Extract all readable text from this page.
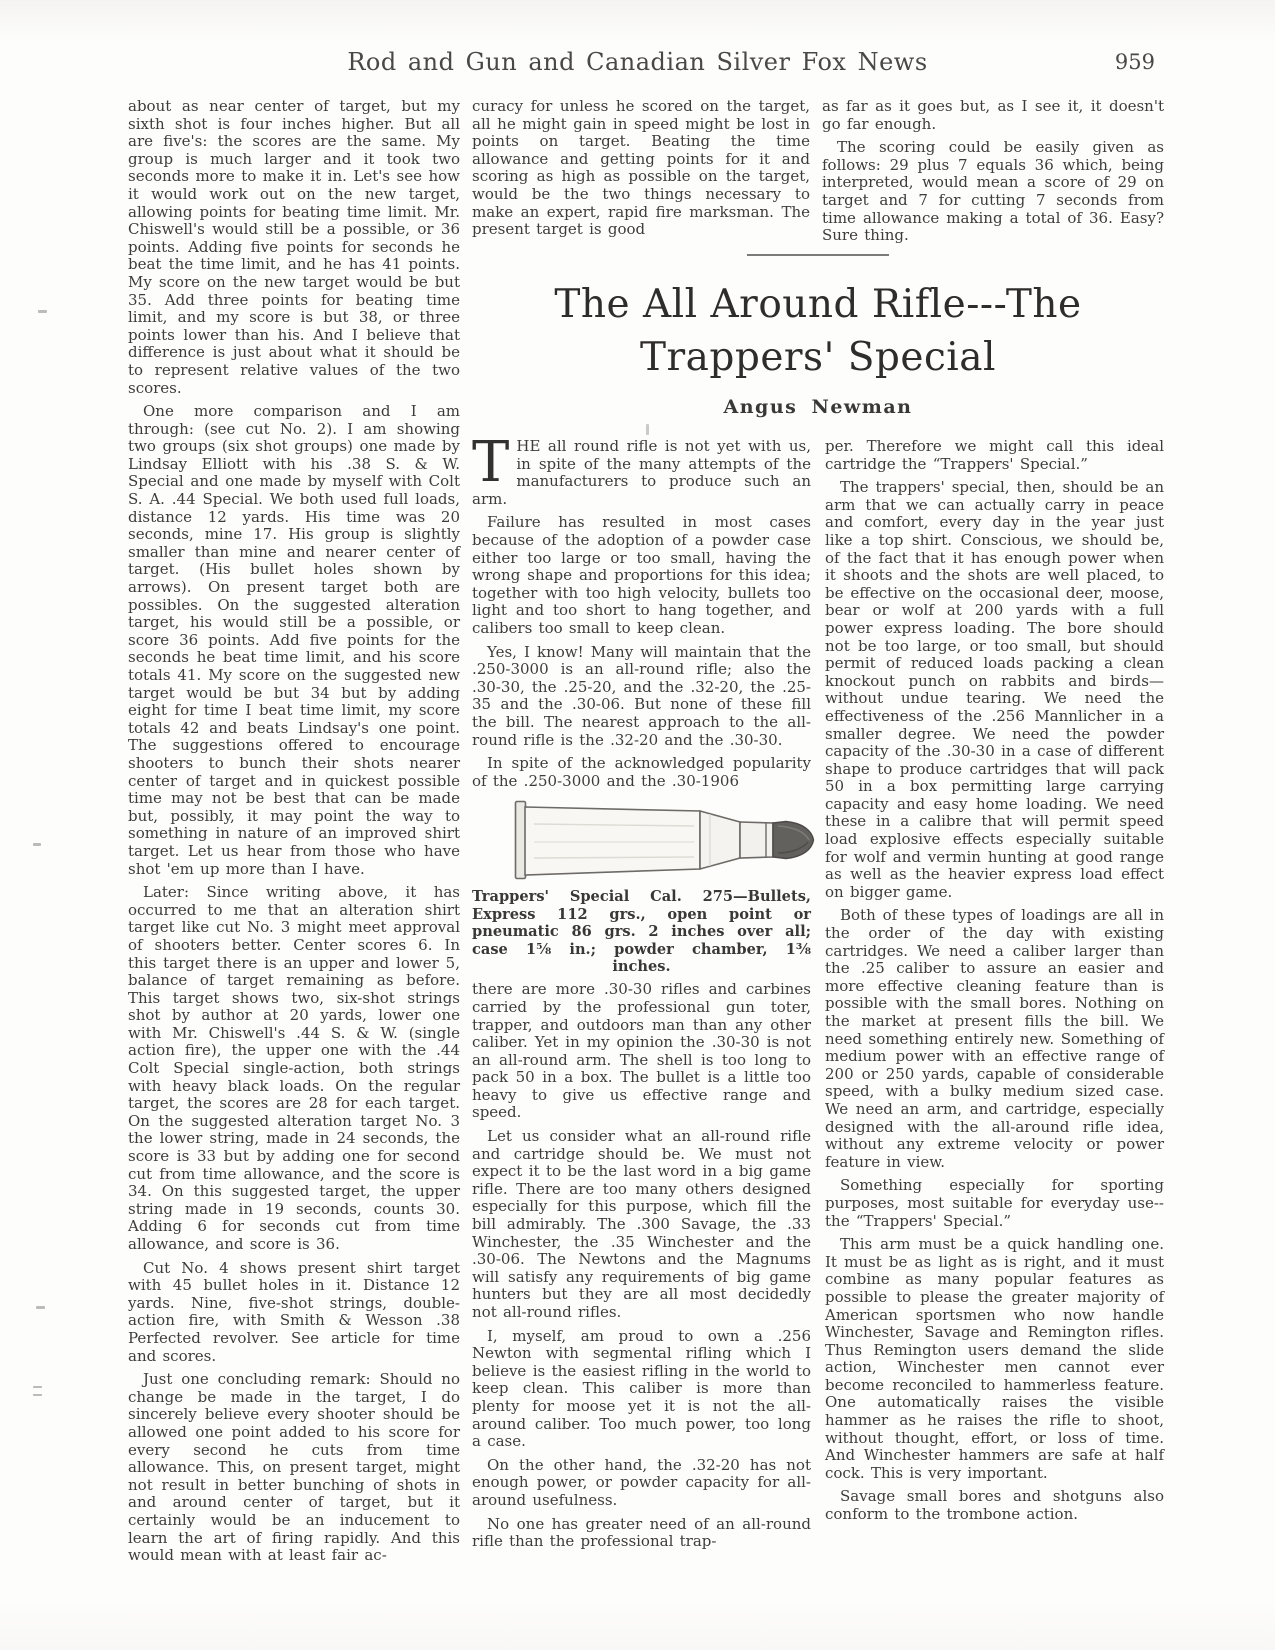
Rod and Gun and Canadian Silver Fox News	959

about as near center of target, but my sixth shot is four inches higher. But all are five's: the scores are the same. My group is much larger and it took two seconds more to make it in. Let's see how it would work out on the new target, allowing points for beating time limit. Mr. Chiswell's would still be a possible, or 36 points. Adding five points for seconds he beat the time limit, and he has 41 points. My score on the new target would be but 35. Add three points for beating time limit, and my score is but 38, or three points lower than his. And I believe that difference is just about what it should be to represent relative values of the two scores.

One more comparison and I am through: (see cut No. 2). I am showing two groups (six shot groups) one made by Lindsay Elliott with his .38 S. & W. Special and one made by myself with Colt S. A. .44 Special. We both used full loads, distance 12 yards. His time was 20 seconds, mine 17. His group is slightly smaller than mine and nearer center of target. (His bullet holes shown by arrows). On present target both are possibles. On the suggested alteration target, his would still be a possible, or score 36 points. Add five points for the seconds he beat time limit, and his score totals 41. My score on the suggested new target would be but 34 but by adding eight for time I beat time limit, my score totals 42 and beats Lindsay's one point. The suggestions offered to encourage shooters to bunch their shots nearer center of target and in quickest possible time may not be best that can be made but, possibly, it may point the way to something in nature of an improved shirt target. Let us hear from those who have shot 'em up more than I have.

Later: Since writing above, it has occurred to me that an alteration shirt target like cut No. 3 might meet approval of shooters better. Center scores 6. In this target there is an upper and lower 5, balance of target remaining as before. This target shows two, six-shot strings shot by author at 20 yards, lower one with Mr. Chiswell's .44 S. & W. (single action fire), the upper one with the .44 Colt Special single-action, both strings with heavy black loads. On the regular target, the scores are 28 for each target. On the suggested alteration target No. 3 the lower string, made in 24 seconds, the score is 33 but by adding one for second cut from time allowance, and the score is 34. On this suggested target, the upper string made in 19 seconds, counts 30. Adding 6 for seconds cut from time allowance, and score is 36.

Cut No. 4 shows present shirt target with 45 bullet holes in it. Distance 12 yards. Nine, five-shot strings, double-action fire, with Smith & Wesson .38 Perfected revolver. See article for time and scores.

Just one concluding remark: Should no change be made in the target, I do sincerely believe every shooter should be allowed one point added to his score for every second he cuts from time allowance. This, on present target, might not result in better bunching of shots in and around center of target, but it certainly would be an inducement to learn the art of firing rapidly. And this would mean with at least fair ac-

curacy for unless he scored on the target, all he might gain in speed might be lost in points on target. Beating the time allowance and getting points for it and scoring as high as possible on the target, would be the two things necessary to make an expert, rapid fire marksman. The present target is good

as far as it goes but, as I see it, it doesn't go far enough.

The scoring could be easily given as follows: 29 plus 7 equals 36 which, being interpreted, would mean a score of 29 on target and 7 for cutting 7 seconds from time allowance making a total of 36. Easy? Sure thing.

The All Around Rifle---The
Trappers' Special
Angus Newman

T HE all round rifle is not yet with us, in spite of the many attempts of the manufacturers to produce such an arm.

Failure has resulted in most cases because of the adoption of a powder case either too large or too small, having the wrong shape and proportions for this idea; together with too high velocity, bullets too light and too short to hang together, and calibers too small to keep clean.

Yes, I know! Many will maintain that the .250-3000 is an all-round rifle; also the .30-30, the .25-20, and the .32-20, the .25-35 and the .30-06. But none of these fill the bill. The nearest approach to the all-round rifle is the .32-20 and the .30-30.

In spite of the acknowledged popularity of the .250-3000 and the .30-1906

Trappers' Special Cal. 275—Bullets, Express 112 grs., open point or pneumatic 86 grs. 2 inches over all; case 1⅝ in.; powder chamber, 1⅜ inches.

there are more .30-30 rifles and carbines carried by the professional gun toter, trapper, and outdoors man than any other caliber. Yet in my opinion the .30-30 is not an all-round arm. The shell is too long to pack 50 in a box. The bullet is a little too heavy to give us effective range and speed.

Let us consider what an all-round rifle and cartridge should be. We must not expect it to be the last word in a big game rifle. There are too many others designed especially for this purpose, which fill the bill admirably. The .300 Savage, the .33 Winchester, the .35 Winchester and the .30-06. The Newtons and the Magnums will satisfy any requirements of big game hunters but they are all most decidedly not all-round rifles.

I, myself, am proud to own a .256 Newton with segmental rifling which I believe is the easiest rifling in the world to keep clean. This caliber is more than plenty for moose yet it is not the all-around caliber. Too much power, too long a case.

On the other hand, the .32-20 has not enough power, or powder capacity for all-around usefulness.

No one has greater need of an all-round rifle than the professional trap-

per. Therefore we might call this ideal cartridge the “Trappers' Special.”

The trappers' special, then, should be an arm that we can actually carry in peace and comfort, every day in the year just like a top shirt. Conscious, we should be, of the fact that it has enough power when it shoots and the shots are well placed, to be effective on the occasional deer, moose, bear or wolf at 200 yards with a full power express loading. The bore should not be too large, or too small, but should permit of reduced loads packing a clean knockout punch on rabbits and birds—without undue tearing. We need the effectiveness of the .256 Mannlicher in a smaller degree. We need the powder capacity of the .30-30 in a case of different shape to produce cartridges that will pack 50 in a box permitting large carrying capacity and easy home loading. We need these in a calibre that will permit speed load explosive effects especially suitable for wolf and vermin hunting at good range as well as the heavier express load effect on bigger game.

Both of these types of loadings are all in the order of the day with existing cartridges. We need a caliber larger than the .25 caliber to assure an easier and more effective cleaning feature than is possible with the small bores. Nothing on the market at present fills the bill. We need something entirely new. Something of medium power with an effective range of 200 or 250 yards, capable of considerable speed, with a bulky medium sized case. We need an arm, and cartridge, especially designed with the all-around rifle idea, without any extreme velocity or power feature in view.

Something especially for sporting purposes, most suitable for everyday use--the “Trappers' Special.”

This arm must be a quick handling one. It must be as light as is right, and it must combine as many popular features as possible to please the greater majority of American sportsmen who now handle Winchester, Savage and Remington rifles. Thus Remington users demand the slide action, Winchester men cannot ever become reconciled to hammerless feature. One automatically raises the visible hammer as he raises the rifle to shoot, without thought, effort, or loss of time. And Winchester hammers are safe at half cock. This is very important.

Savage small bores and shotguns also conform to the trombone action.
